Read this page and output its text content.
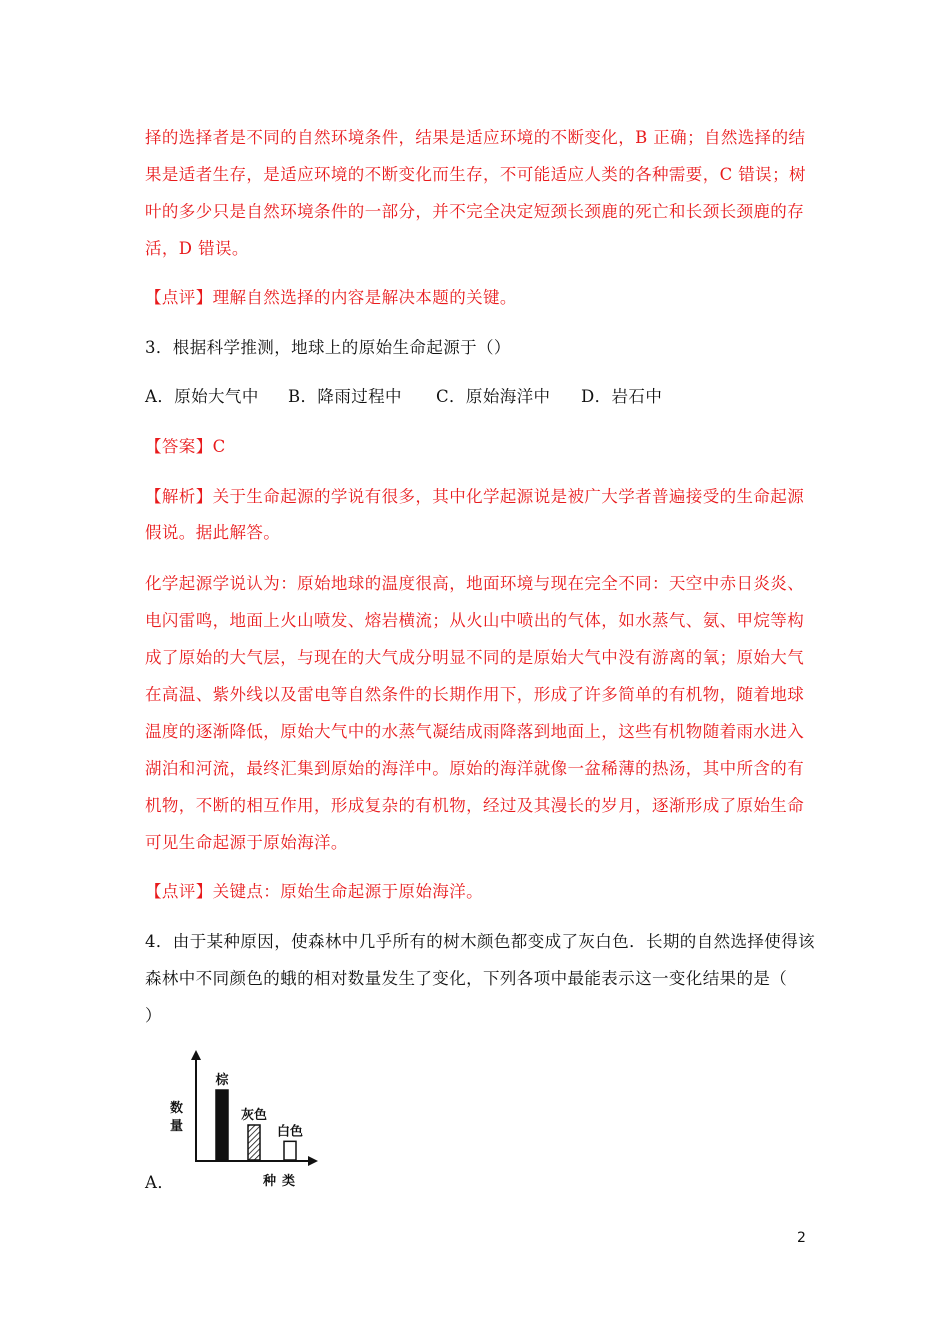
择的选择者是不同的自然环境条件，结果是适应环境的不断变化，B 正确；自然选择的结
果是适者生存，是适应环境的不断变化而生存，不可能适应人类的各种需要，C 错误；树
叶的多少只是自然环境条件的一部分，并不完全决定短颈长颈鹿的死亡和长颈长颈鹿的存
活，D 错误。
【点评】理解自然选择的内容是解决本题的关键。
3．根据科学推测，地球上的原始生命起源于（）
A．原始大气中 B．降雨过程中 C．原始海洋中 D．岩石中
【答案】C
【解析】关于生命起源的学说有很多，其中化学起源说是被广大学者普遍接受的生命起源
假说。据此解答。
化学起源学说认为：原始地球的温度很高，地面环境与现在完全不同：天空中赤日炎炎、
电闪雷鸣，地面上火山喷发、熔岩横流；从火山中喷出的气体，如水蒸气、氨、甲烷等构
成了原始的大气层，与现在的大气成分明显不同的是原始大气中没有游离的氧；原始大气
在高温、紫外线以及雷电等自然条件的长期作用下，形成了许多简单的有机物，随着地球
温度的逐渐降低，原始大气中的水蒸气凝结成雨降落到地面上，这些有机物随着雨水进入
湖泊和河流，最终汇集到原始的海洋中。原始的海洋就像一盆稀薄的热汤，其中所含的有
机物，不断的相互作用，形成复杂的有机物，经过及其漫长的岁月，逐渐形成了原始生命
可见生命起源于原始海洋。
【点评】关键点：原始生命起源于原始海洋。
4．由于某种原因，使森林中几乎所有的树木颜色都变成了灰白色．长期的自然选择使得该
森林中不同颜色的蛾的相对数量发生了变化，下列各项中最能表示这一变化结果的是（
）
数
量
种类
棕
灰色
白色
A．
2
